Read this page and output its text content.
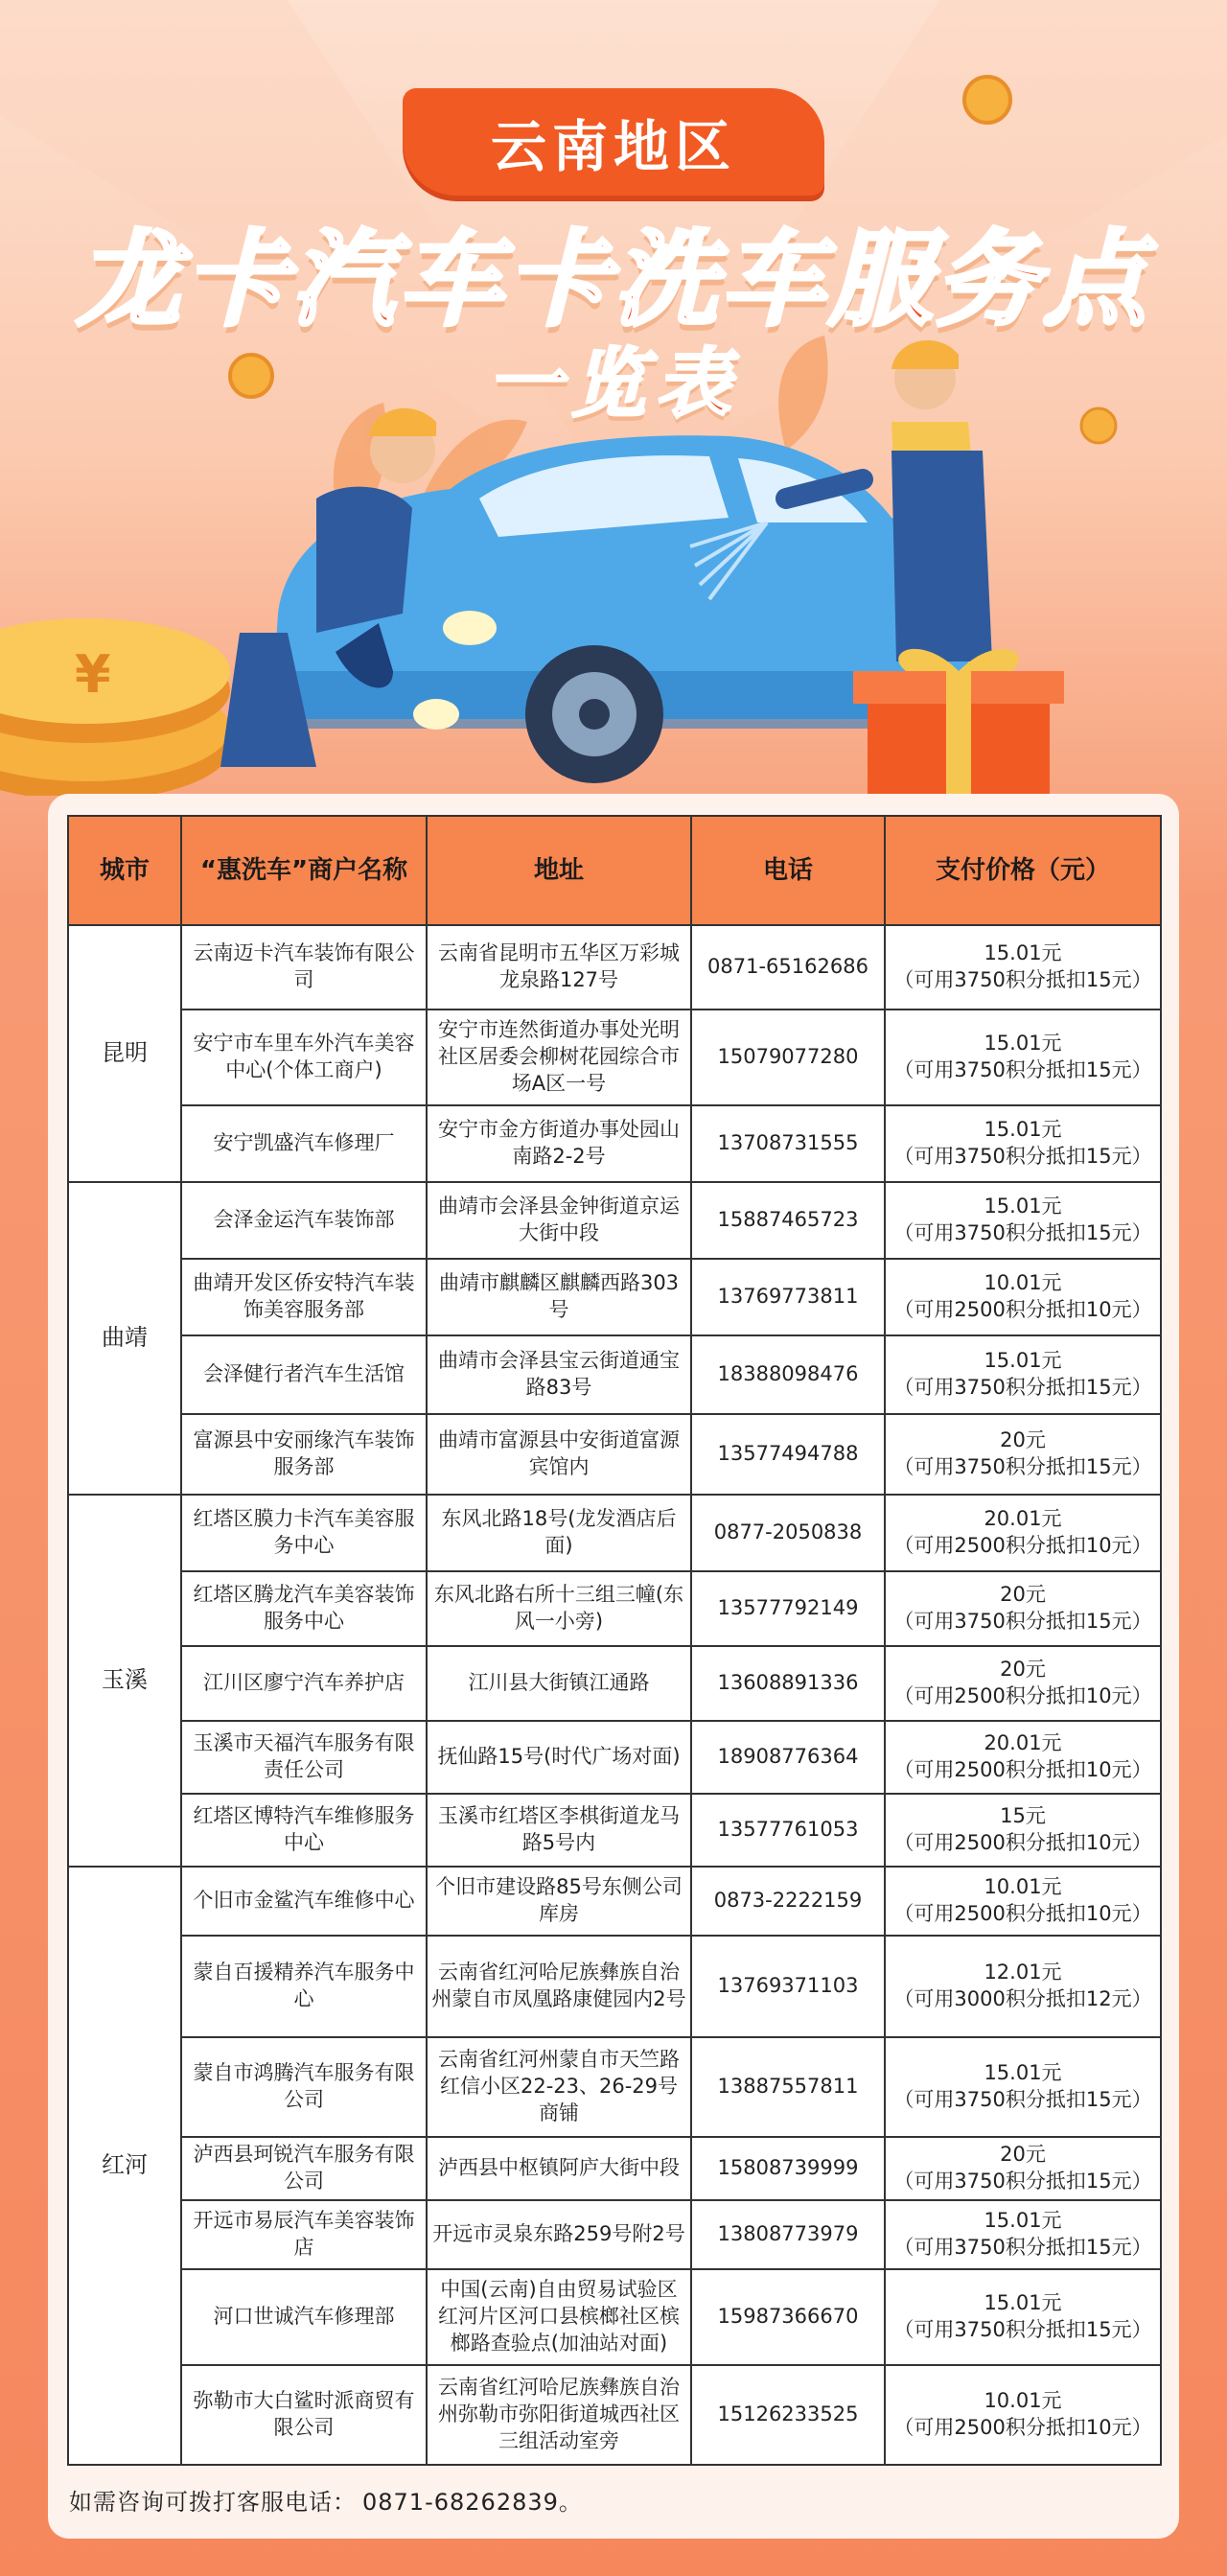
¥
云南地区
龙卡汽车卡洗车服务点
一览表
城市	“惠洗车”商户名称	地址	电话	支付价格（元）
昆明	云南迈卡汽车装饰有限公司	云南省昆明市五华区万彩城龙泉路127号	0871-65162686	15.01元
（可用3750积分抵扣15元）

	安宁市车里车外汽车美容中心(个体工商户)	安宁市连然街道办事处光明社区居委会柳树花园综合市场A区一号	15079077280	15.01元
（可用3750积分抵扣15元）

	安宁凯盛汽车修理厂	安宁市金方街道办事处园山南路2-2号	13708731555	15.01元
（可用3750积分抵扣15元）

曲靖	会泽金运汽车装饰部	曲靖市会泽县金钟街道京运大街中段	15887465723	15.01元
（可用3750积分抵扣15元）

	曲靖开发区侨安特汽车装饰美容服务部	曲靖市麒麟区麒麟西路303号	13769773811	10.01元
（可用2500积分抵扣10元）

	会泽健行者汽车生活馆	曲靖市会泽县宝云街道通宝路83号	18388098476	15.01元
（可用3750积分抵扣15元）

	富源县中安丽缘汽车装饰服务部	曲靖市富源县中安街道富源宾馆内	13577494788	20元
（可用3750积分抵扣15元）

玉溪	红塔区膜力卡汽车美容服务中心	东风北路18号(龙发酒店后面)	0877-2050838	20.01元
（可用2500积分抵扣10元）

	红塔区腾龙汽车美容装饰服务中心	东风北路右所十三组三幢(东风一小旁)	13577792149	20元
（可用3750积分抵扣15元）

	江川区廖宁汽车养护店	江川县大街镇江通路	13608891336	20元
（可用2500积分抵扣10元）

	玉溪市天福汽车服务有限责任公司	抚仙路15号(时代广场对面)	18908776364	20.01元
（可用2500积分抵扣10元）

	红塔区博特汽车维修服务中心	玉溪市红塔区李棋街道龙马路5号内	13577761053	15元
（可用2500积分抵扣10元）

红河	个旧市金鲨汽车维修中心	个旧市建设路85号东侧公司库房	0873-2222159	10.01元
（可用2500积分抵扣10元）

	蒙自百援精养汽车服务中心	云南省红河哈尼族彝族自治州蒙自市凤凰路康健园内2号	13769371103	12.01元
（可用3000积分抵扣12元）

	蒙自市鸿腾汽车服务有限公司	云南省红河州蒙自市天竺路红信小区22-23、26-29号商铺	13887557811	15.01元
（可用3750积分抵扣15元）

	泸西县珂锐汽车服务有限公司	泸西县中枢镇阿庐大街中段	15808739999	20元
（可用3750积分抵扣15元）

	开远市易辰汽车美容装饰店	开远市灵泉东路259号附2号	13808773979	15.01元
（可用3750积分抵扣15元）

	河口世诚汽车修理部	中国(云南)自由贸易试验区红河片区河口县槟榔社区槟榔路查验点(加油站对面)	15987366670	15.01元
（可用3750积分抵扣15元）

	弥勒市大白鲨时派商贸有限公司	云南省红河哈尼族彝族自治州弥勒市弥阳街道城西社区三组活动室旁	15126233525	10.01元
（可用2500积分抵扣10元）
如需咨询可拨打客服电话： 0871-68262839。
